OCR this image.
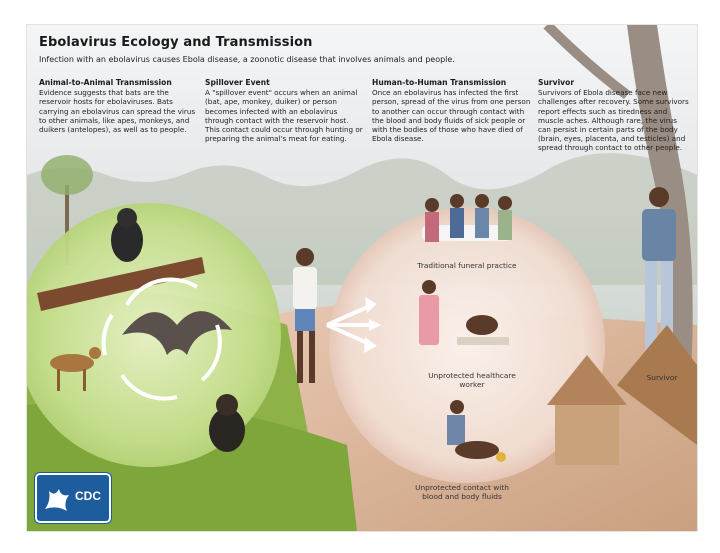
Ebolavirus Ecology and Transmission
Infection with an ebolavirus causes Ebola disease, a zoonotic disease that involves animals and people.
Animal-to-Animal Transmission

Evidence suggests that bats are the reservoir hosts for ebolaviruses. Bats carrying an ebolavirus can spread the virus to other animals, like apes, monkeys, and duikers (antelopes), as well as to people.

Spillover Event

A "spillover event" occurs when an animal (bat, ape, monkey, duiker) or person becomes infected with an ebolavirus through contact with the reservoir host. This contact could occur through hunting or preparing the animal's meat for eating.

Human-to-Human Transmission

Once an ebolavirus has infected the first person, spread of the virus from one person to another can occur through contact with the blood and body fluids of sick people or with the bodies of those who have died of Ebola disease.

Survivor

Survivors of Ebola disease face new challenges after recovery. Some survivors report effects such as tiredness and muscle aches. Although rare, the virus can persist in certain parts of the body (brain, eyes, placenta, and testicles) and spread through contact to other people.

Traditional funeral practice
Unprotected healthcare worker
Unprotected contact with blood and body fluids
Survivor
CDC
